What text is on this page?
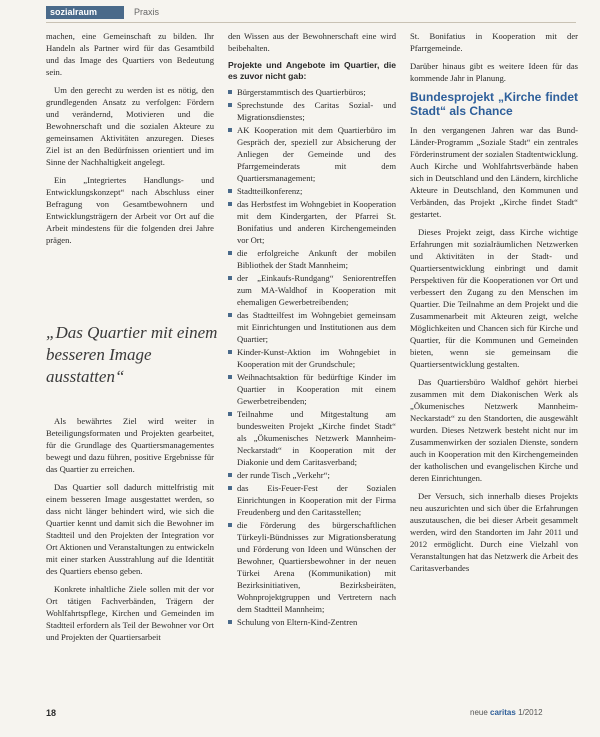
sozialraum	Praxis

machen, eine Gemeinschaft zu bilden. Ihr Handeln als Partner wird für das Gesamtbild und das Image des Quartiers von Bedeutung sein.

Um den gerecht zu werden ist es nötig, den grundlegenden Ansatz zu verfolgen: Fördern und verändernd, Motivieren und die Bewohnerschaft und die sozialen Akteure zu gemeinsamen Aktivitäten anzuregen. Dieses Ziel ist an den Bedürfnissen orientiert und im Sinne der Nachhaltigkeit angelegt.

Ein „Integriertes Handlungs- und Entwicklungskonzept“ nach Abschluss einer Befragung von Gesamtbewohnern und Entwicklungsträgern der Arbeit vor Ort auf die Arbeit mindestens für die folgenden drei Jahre prägen.

„Das Quartier mit einem besseren Image ausstatten“

Als bewährtes Ziel wird weiter in Beteiligungsformaten und Projekten gearbeitet, für die Grundlage des Quartiersmanagementes bewegt und dazu führen, positive Ergebnisse für das Quartier zu erreichen.

Das Quartier soll dadurch mittelfristig mit einem besseren Image ausgestattet werden, so dass nicht länger behindert wird, wie sich die Quartier kennt und damit sich die Bewohner im Stadtteil und den Projekten der Integration vor Ort Aktionen und Veranstaltungen zu entwickeln mit einer starken Ausstrahlung auf die Identität des Quartiers ebenso geben.

Konkrete inhaltliche Ziele sollen mit der vor Ort tätigen Fachverbänden, Trägern der Wohlfahrtspflege, Kirchen und Gemeinden im Stadtteil erfordern als Teil der Bewohner vor Ort und Projekten der Quartiersarbeit

den Wissen aus der Bewohnerschaft eine wird beibehalten.

Projekte und Angebote im Quartier, die es zuvor nicht gab:
Bürgerstammtisch des Quartierbüros;
Sprechstunde des Caritas Sozial- und Migrationsdienstes;
AK Kooperation mit dem Quartierbüro im Gespräch der, speziell zur Absicherung der Anliegen der Gemeinde und des Pfarrgemeinderats mit dem Quartiersmanagement;
Stadtteilkonferenz;
das Herbstfest im Wohngebiet in Kooperation mit dem Kindergarten, der Pfarrei St. Bonifatius und anderen Kirchengemeinden vor Ort;
die erfolgreiche Ankunft der mobilen Bibliothek der Stadt Mannheim;
der „Einkaufs-Rundgang“ Seniorentreffen zum MA-Waldhof in Kooperation mit ehemaligen Gewerbetreibenden;
das Stadtteilfest im Wohngebiet gemeinsam mit Einrichtungen und Institutionen aus dem Quartier;
Kinder-Kunst-Aktion im Wohngebiet in Kooperation mit der Grundschule;
Weihnachtsaktion für bedürftige Kinder im Quartier in Kooperation mit einem Gewerbetreibenden;
Teilnahme und Mitgestaltung am bundesweiten Projekt „Kirche findet Stadt“ als „Ökumenisches Netzwerk Mannheim-Neckarstadt“ in Kooperation mit der Diakonie und dem Caritasverband;
der runde Tisch „Verkehr“;
das Eis-Feuer-Fest der Sozialen Einrichtungen in Kooperation mit der Firma Freudenberg und den Caritasstellen;
die Förderung des bürgerschaftlichen Türkeyli-Bündnisses zur Migrationsberatung und Förderung von Ideen und Wünschen der Bewohner, Quartiersbewohner in der neuen Türkei Arena (Kommunikation) mit Bezirksinitiativen, Bezirksbeiräten, Wohnprojektgruppen und Vertretern nach dem Stadtteil Mannheim;
Schulung von Eltern-Kind-Zentren

St. Bonifatius in Kooperation mit der Pfarrgemeinde.

Darüber hinaus gibt es weitere Ideen für das kommende Jahr in Planung.

Bundesprojekt „Kirche findet Stadt“ als Chance

In den vergangenen Jahren war das Bund-Länder-Programm „Soziale Stadt“ ein zentrales Förderinstrument der sozialen Stadtentwicklung. Auch Kirche und Wohlfahrtsverbände haben sich in Deutschland und den Ländern, kirchliche Akteure in Deutschland, den Kommunen und Verbänden, das Projekt „Kirche findet Stadt“ gestartet.

Dieses Projekt zeigt, dass Kirche wichtige Erfahrungen mit sozialräumlichen Netzwerken und Aktivitäten in der Stadt- und Quartiersentwicklung einbringt und damit Perspektiven für die Kooperationen vor Ort und verbessert den Zugang zu den Menschen im Quartier. Die Teilnahme an dem Projekt und die Zusammenarbeit mit Akteuren zeigt, welche Möglichkeiten und Chancen sich für Kirche und Quartier, für die Kommunen und Gemeinden bieten, wenn sie gemeinsam die Quartiersentwicklung gestalten.

Das Quartiersbüro Waldhof gehört hierbei zusammen mit dem Diakonischen Werk als „Ökumenisches Netzwerk Mannheim-Neckarstadt“ zu den Standorten, die ausgewählt wurden. Dieses Netzwerk besteht nicht nur im Zusammenwirken der sozialen Dienste, sondern auch in Kooperation mit den Kirchengemeinden der katholischen und evangelischen Kirche und deren Einrichtungen.

Der Versuch, sich innerhalb dieses Projekts neu auszurichten und sich über die Erfahrungen auszutauschen, die bei dieser Arbeit gesammelt werden, wird den Standorten im Jahr 2011 und 2012 ermöglicht. Durch eine Vielzahl von Veranstaltungen hat das Netzwerk die Arbeit des Caritasverbandes

18	neue caritas 1/2012
